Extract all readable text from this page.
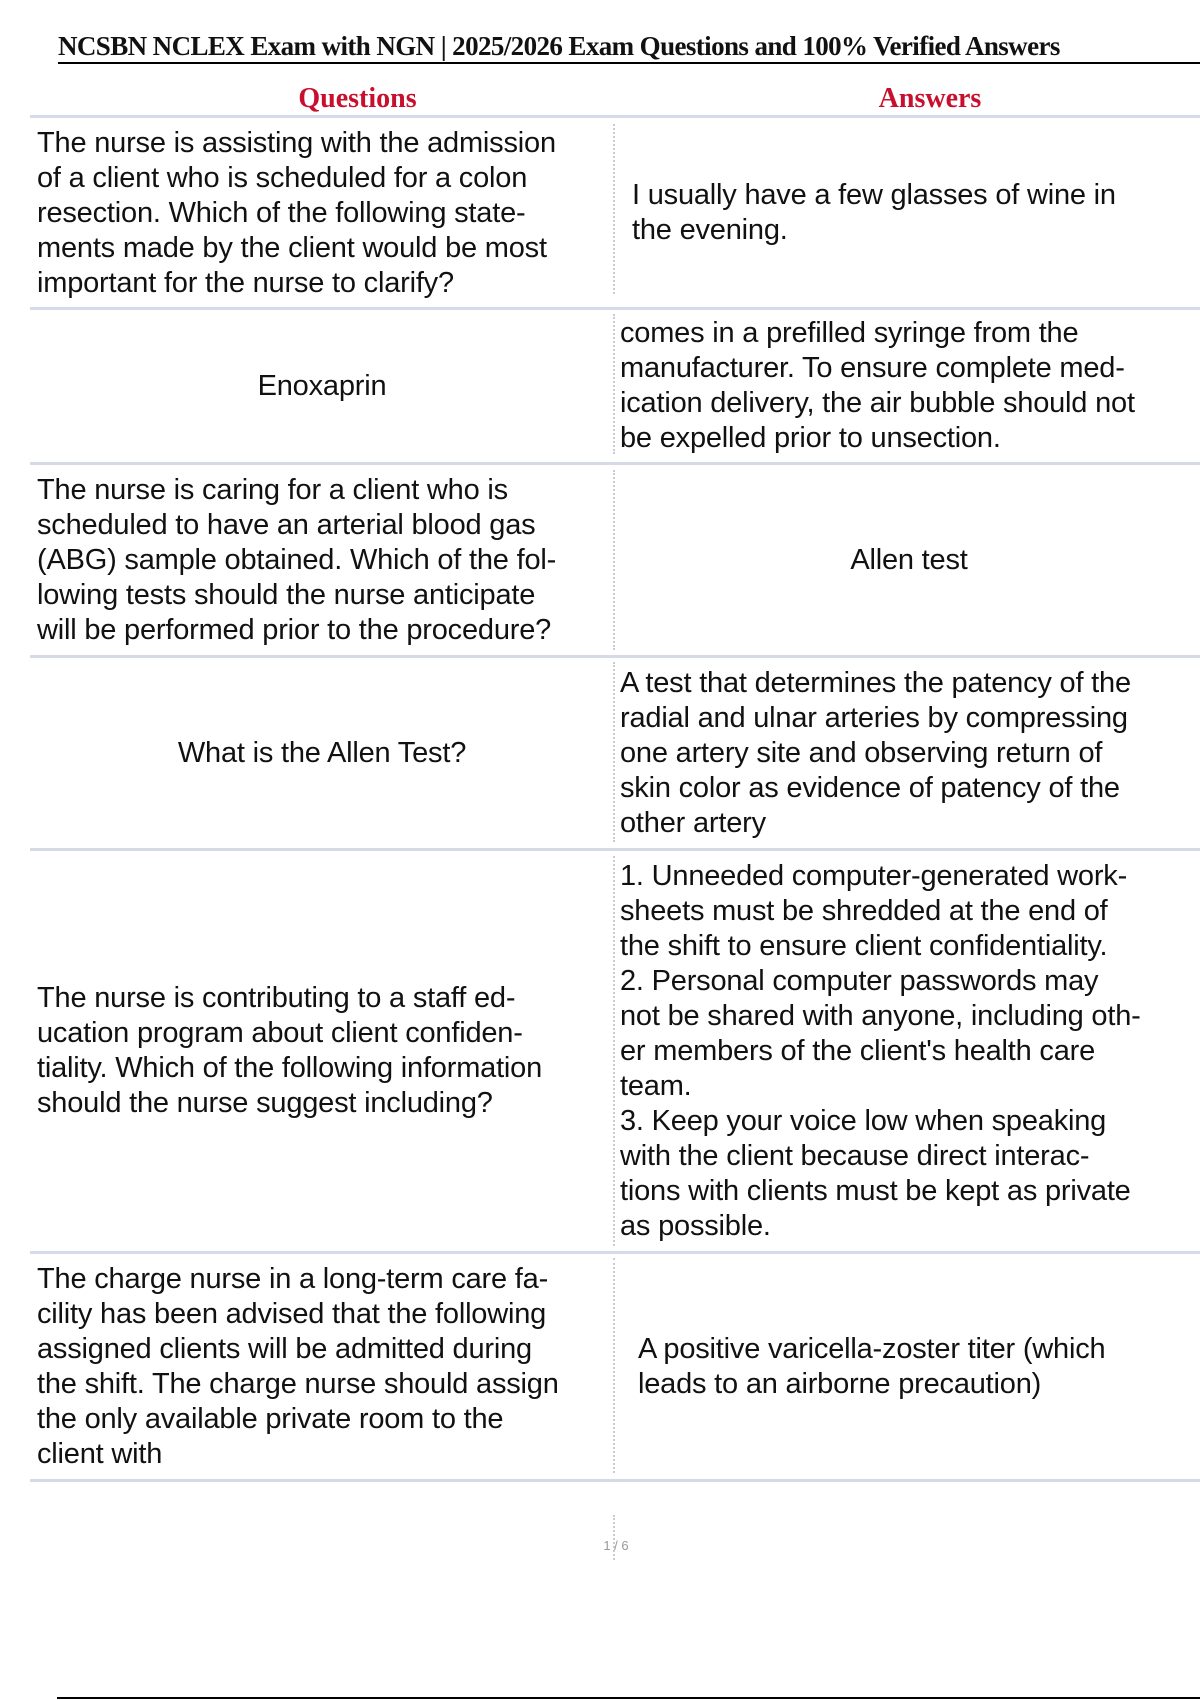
NCSBN NCLEX Exam with NGN | 2025/2026 Exam Questions and 100% Verified Answers
Questions	Answers
The nurse is assisting with the admission
of a client who is scheduled for a colon
resection. Which of the following state-
ments made by the client would be most
important for the nurse to clarify?
I usually have a few glasses of wine in
the evening.
Enoxaprin
comes in a prefilled syringe from the
manufacturer. To ensure complete med-
ication delivery, the air bubble should not
be expelled prior to unsection.
The nurse is caring for a client who is
scheduled to have an arterial blood gas
(ABG) sample obtained. Which of the fol-
lowing tests should the nurse anticipate
will be performed prior to the procedure?
Allen test
What is the Allen Test?
A test that determines the patency of the
radial and ulnar arteries by compressing
one artery site and observing return of
skin color as evidence of patency of the
other artery
The nurse is contributing to a staff ed-
ucation program about client confiden-
tiality. Which of the following information
should the nurse suggest including?
1. Unneeded computer-generated work-
sheets must be shredded at the end of
the shift to ensure client confidentiality.
2. Personal computer passwords may
not be shared with anyone, including oth-
er members of the client's health care
team.
3. Keep your voice low when speaking
with the client because direct interac-
tions with clients must be kept as private
as possible.
The charge nurse in a long-term care fa-
cility has been advised that the following
assigned clients will be admitted during
the shift. The charge nurse should assign
the only available private room to the
client with
A positive varicella-zoster titer (which
leads to an airborne precaution)
1 / 6
